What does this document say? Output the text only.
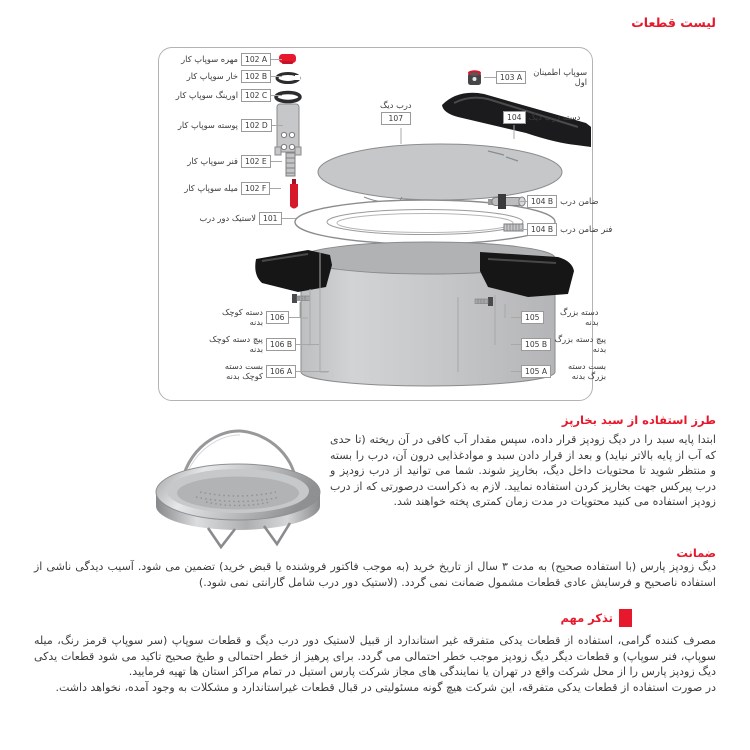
لیست قطعات
مهره سوپاپ کار 102 A
خار سوپاپ کار 102 B
اورینگ سوپاپ کار 102 C
پوسته سوپاپ کار 102 D
فنر سوپاپ کار 102 E
میله سوپاپ کار 102 F
لاستیک دور درب 101
دسته کوچک بدنه 106
پیچ دسته کوچک بدنه 106 B
بست دسته کوچک بدنه 106 A
103 A
سوپاپ اطمینان اول
104 دسته درب دیگ
104 B ضامن درب
104 B فنر ضامن درب
105
دسته بزرگ بدنه
105 B
پیچ دسته بزرگ بدنه
105 A
بست دسته بزرگ بدنه
درب دیگ
107
طرز استفاده از سبد بخارپز
ابتدا پایه سبد را در دیگ زودپز قرار داده، سپس مقدار آب کافی در آن ریخته (تا حدی که آب از پایه بالاتر نیاید) و بعد از قرار دادن سبد و موادغذایی درون آن، درب را بسته و منتظر شوید تا محتویات داخل دیگ، بخارپز شوند. شما می توانید از درب زودپز و درب پیرکس جهت بخارپز کردن استفاده نمایید. لازم به ذکراست درصورتی که از درب زودپز استفاده می کنید محتویات در مدت زمان کمتری پخته خواهند شد.
ضمانت
دیگ زودپز پارس (با استفاده صحیح) به مدت ۳ سال از تاریخ خرید (به موجب فاکتور فروشنده یا قبض خرید) تضمین می شود. آسیب دیدگی ناشی از استفاده ناصحیح و فرسایش عادی قطعات مشمول ضمانت نمی گردد. (لاستیک دور درب شامل گارانتی نمی شود.)
تذکر مهم

مصرف کننده گرامی، استفاده از قطعات یدکی متفرقه غیر استاندارد از قبیل لاستیک دور درب دیگ و قطعات سوپاپ (سر سوپاپ قرمز رنگ، میله سوپاپ، فنر سوپاپ) و قطعات دیگر دیگ زودپز موجب خطر احتمالی می گردد. برای پرهیز از خطر احتمالی و طبخ صحیح تاکید می شود قطعات یدکی دیگ زودپز پارس را از محل شرکت واقع در تهران یا نمایندگی های مجاز شرکت پارس استیل در تمام مراکز استان ها تهیه فرمایید.

در صورت استفاده از قطعات یدکی متفرقه، این شرکت هیچ گونه مسئولیتی در قبال قطعات غیراستاندارد و مشکلات به وجود آمده، نخواهد داشت.
